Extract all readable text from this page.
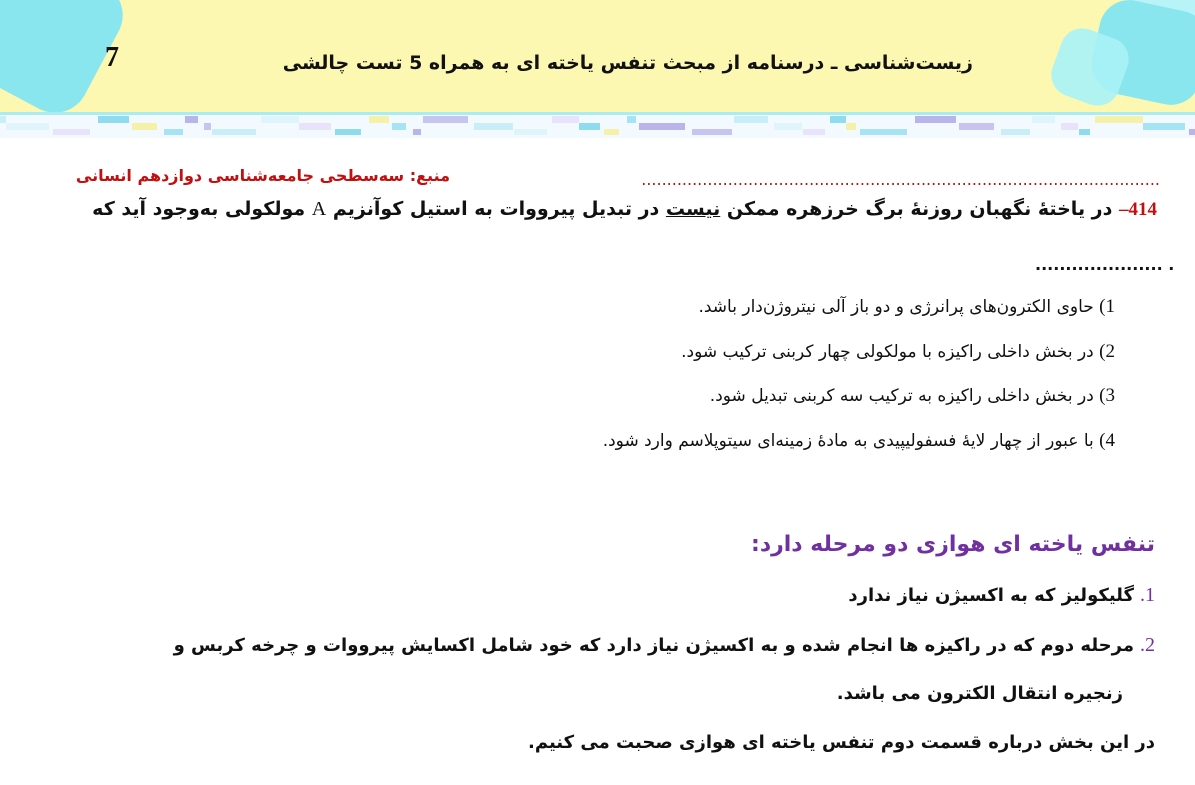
7	زیست‌شناسی ـ درسنامه از مبحث تنفس یاخته ای به همراه 5 تست چالشی
......................................................................................................
منبع: سه‌سطحی جامعه‌شناسی دوازدهم انسانی
414– در یاختهٔ نگهبان روزنهٔ برگ خرزهره ممکن نیست در تبدیل پیرووات به استیل کوآنزیم A مولکولی به‌وجود آید که
..................... .
1) حاوی الکترون‌های پرانرژی و دو باز آلی نیتروژن‌دار باشد.
2) در بخش داخلی راکیزه با مولکولی چهار کربنی ترکیب شود.
3) در بخش داخلی راکیزه به ترکیب سه کربنی تبدیل شود.
4) با عبور از چهار لایهٔ فسفولیپیدی به مادهٔ زمینه‌ای سیتوپلاسم وارد شود.
تنفس یاخته ای هوازی دو مرحله دارد:
1.گلیکولیز که به اکسیژن نیاز ندارد
2.مرحله دوم که در راکیزه ها انجام شده و به اکسیژن نیاز دارد که خود شامل اکسایش پیرووات و چرخه کربس و
زنجیره انتقال الکترون می باشد.
در این بخش درباره قسمت دوم تنفس یاخته ای هوازی صحبت می کنیم.
